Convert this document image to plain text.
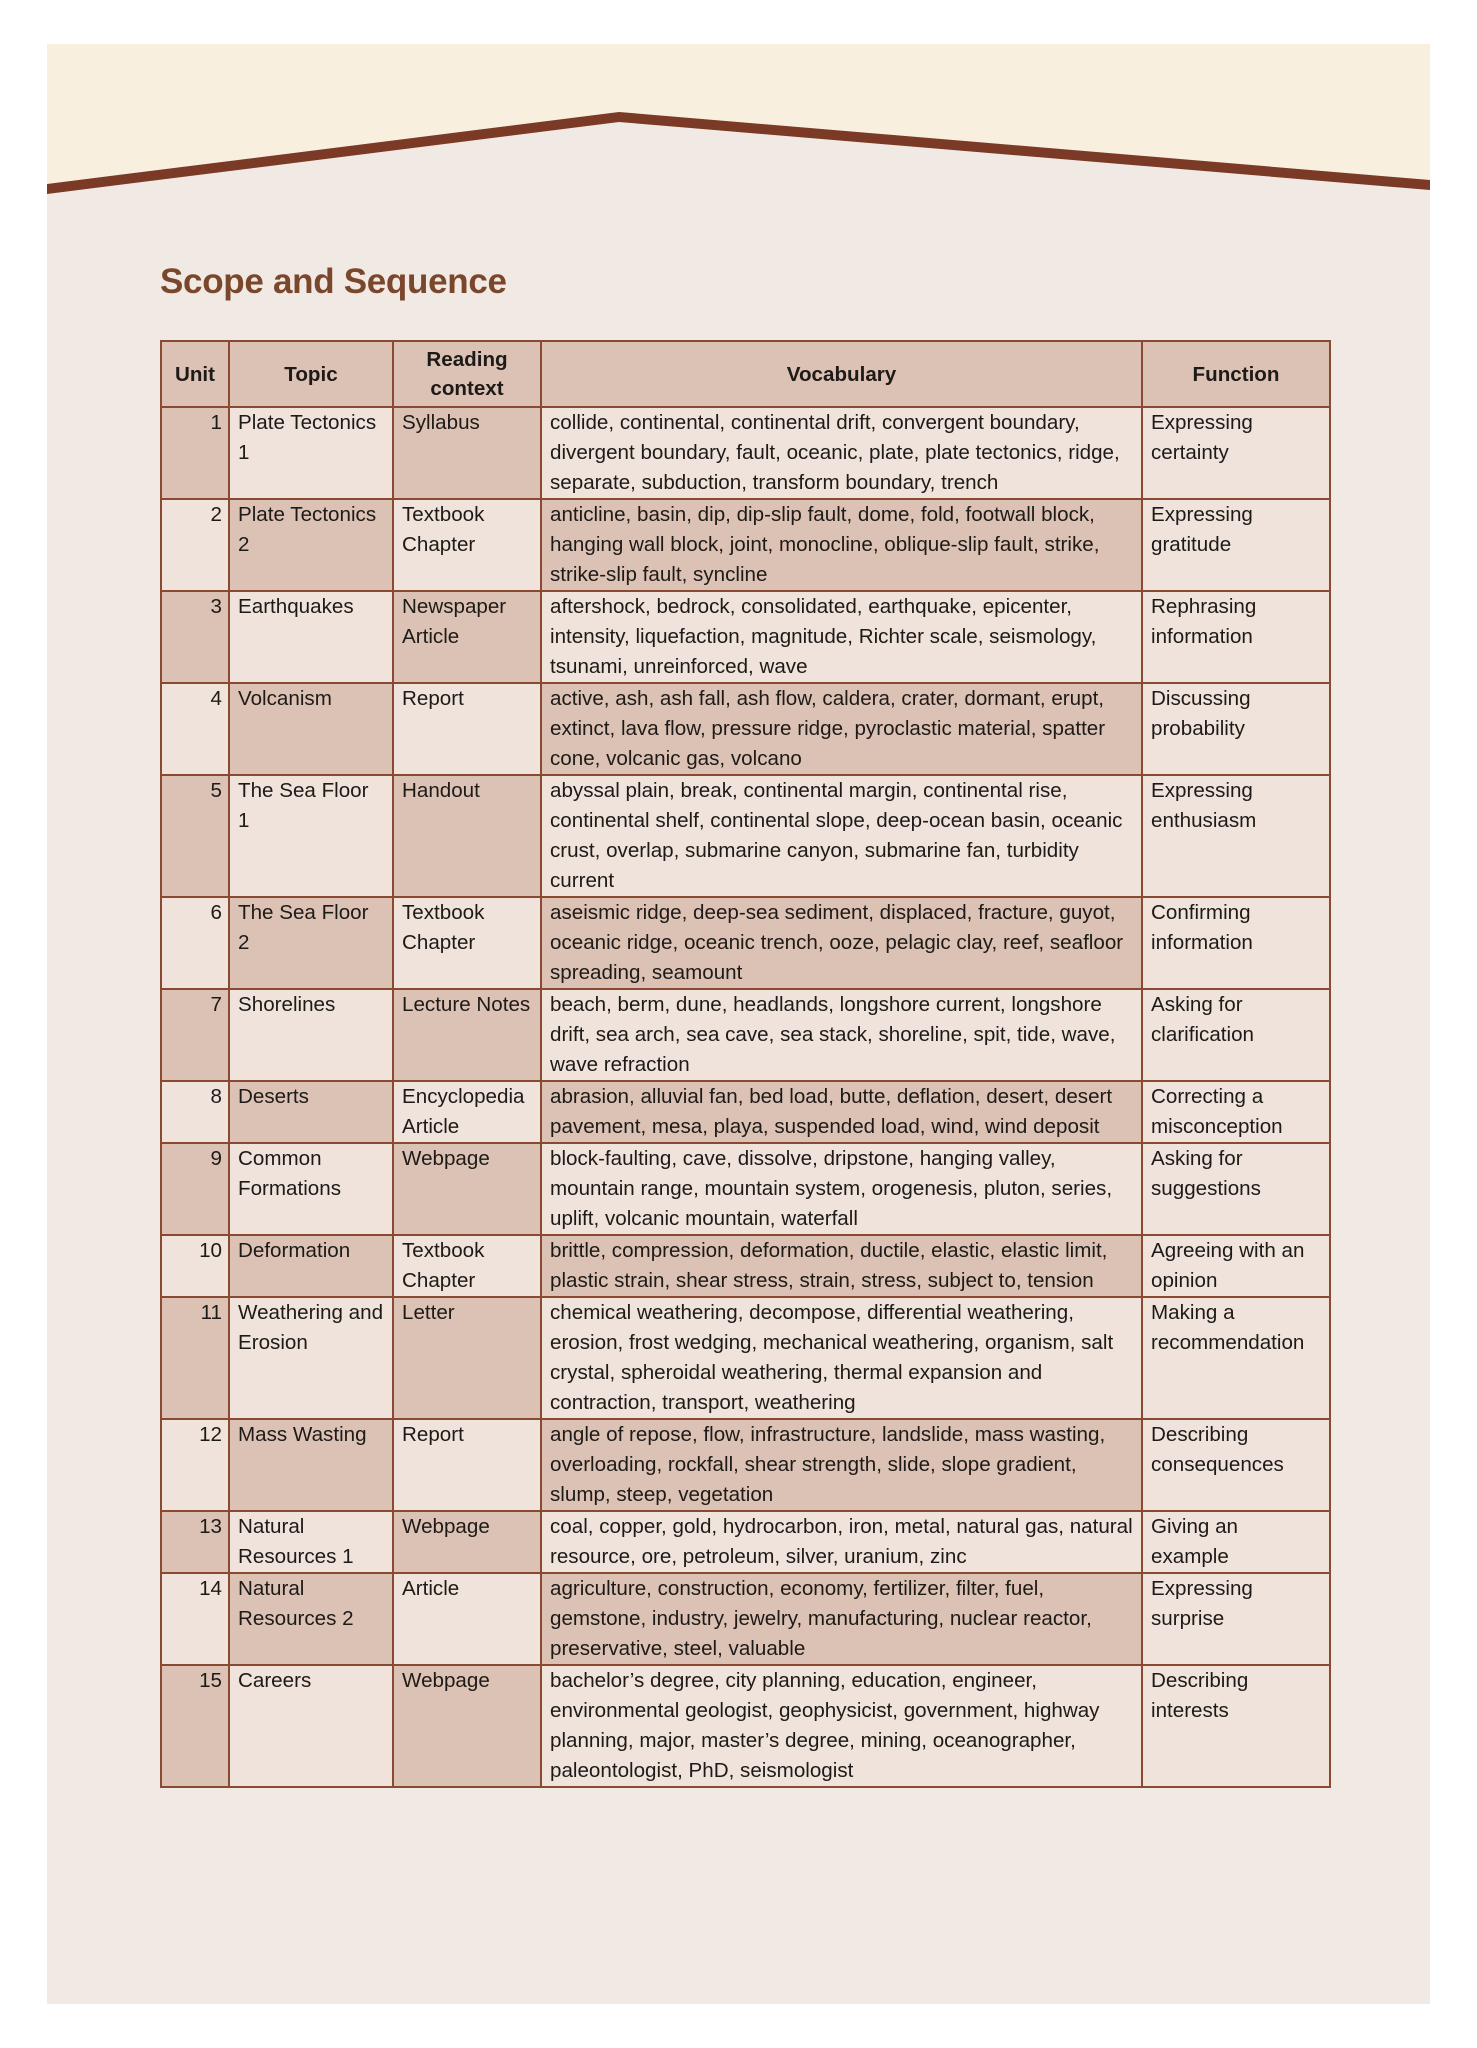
Scope and Sequence
Unit	Topic	Reading context	Vocabulary	Function
1	Plate Tectonics 1	Syllabus	collide, continental, continental drift, convergent boundary, divergent boundary, fault, oceanic, plate, plate tectonics, ridge, separate, subduction, transform boundary, trench	Expressing certainty
2	Plate Tectonics 2	Textbook Chapter	anticline, basin, dip, dip-slip fault, dome, fold, footwall block, hanging wall block, joint, monocline, oblique-slip fault, strike, strike-slip fault, syncline	Expressing gratitude
3	Earthquakes	Newspaper Article	aftershock, bedrock, consolidated, earthquake, epicenter, intensity, liquefaction, magnitude, Richter scale, seismology, tsunami, unreinforced, wave	Rephrasing information
4	Volcanism	Report	active, ash, ash fall, ash flow, caldera, crater, dormant, erupt, extinct, lava flow, pressure ridge, pyroclastic material, spatter cone, volcanic gas, volcano	Discussing probability
5	The Sea Floor 1	Handout	abyssal plain, break, continental margin, continental rise, continental shelf, continental slope, deep-ocean basin, oceanic crust, overlap, submarine canyon, submarine fan, turbidity current	Expressing enthusiasm
6	The Sea Floor 2	Textbook Chapter	aseismic ridge, deep-sea sediment, displaced, fracture, guyot, oceanic ridge, oceanic trench, ooze, pelagic clay, reef, seafloor spreading, seamount	Confirming information
7	Shorelines	Lecture Notes	beach, berm, dune, headlands, longshore current, longshore drift, sea arch, sea cave, sea stack, shoreline, spit, tide, wave, wave refraction	Asking for clarification
8	Deserts	Encyclopedia Article	abrasion, alluvial fan, bed load, butte, deflation, desert, desert pavement, mesa, playa, suspended load, wind, wind deposit	Correcting a misconception
9	Common Formations	Webpage	block-faulting, cave, dissolve, dripstone, hanging valley, mountain range, mountain system, orogenesis, pluton, series, uplift, volcanic mountain, waterfall	Asking for suggestions
10	Deformation	Textbook Chapter	brittle, compression, deformation, ductile, elastic, elastic limit, plastic strain, shear stress, strain, stress, subject to, tension	Agreeing with an opinion
11	Weathering and Erosion	Letter	chemical weathering, decompose, differential weathering, erosion, frost wedging, mechanical weathering, organism, salt crystal, spheroidal weathering, thermal expansion and contraction, transport, weathering	Making a recommendation
12	Mass Wasting	Report	angle of repose, flow, infrastructure, landslide, mass wasting, overloading, rockfall, shear strength, slide, slope gradient, slump, steep, vegetation	Describing consequences
13	Natural Resources 1	Webpage	coal, copper, gold, hydrocarbon, iron, metal, natural gas, natural resource, ore, petroleum, silver, uranium, zinc	Giving an example
14	Natural Resources 2	Article	agriculture, construction, economy, fertilizer, filter, fuel, gemstone, industry, jewelry, manufacturing, nuclear reactor, preservative, steel, valuable	Expressing surprise
15	Careers	Webpage	bachelor’s degree, city planning, education, engineer, environmental geologist, geophysicist, government, highway planning, major, master’s degree, mining, oceanographer, paleontologist, PhD, seismologist	Describing interests
